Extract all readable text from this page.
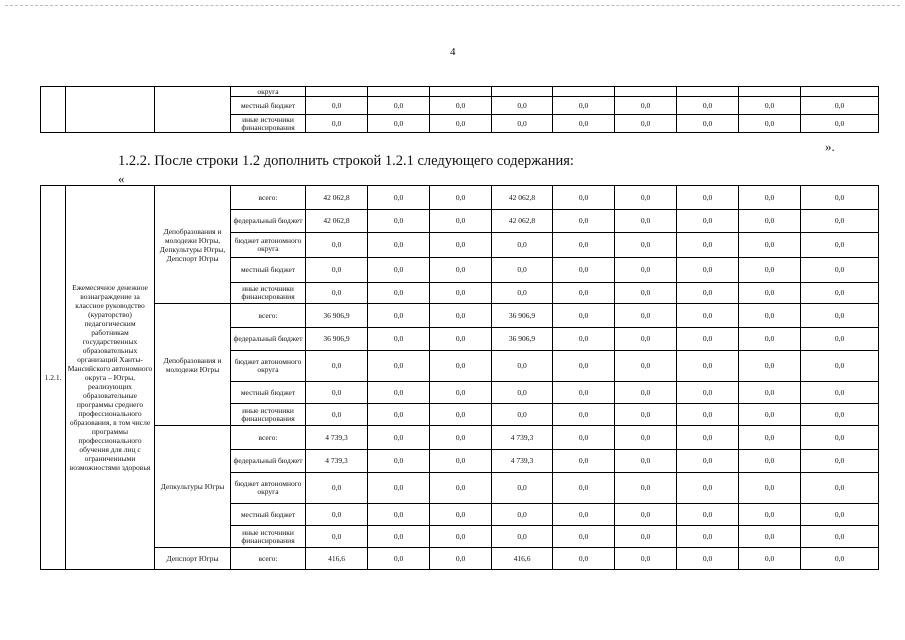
4
			округа									
			местный бюджет	0,0	0,0	0,0	0,0	0,0	0,0	0,0	0,0	0,0
			иные источники финансирования	0,0	0,0	0,0	0,0	0,0	0,0	0,0	0,0	0,0
».
1.2.2. После строки 1.2 дополнить строкой 1.2.1 следующего содержания:
«
1.2.1.	Ежемесячное денежное вознаграждение за классное руководство (кураторство) педагогическим работникам государственных образовательных организаций Ханты-Мансийского автономного округа – Югры, реализующих образовательные программы среднего профессионального образования, в том числе программы профессионального обучения для лиц с ограниченными возможностями здоровья	Депобразования и молодежи Югры, Депкультуры Югры, Депспорт Югры	всего:	42 062,8	0,0	0,0	42 062,8	0,0	0,0	0,0	0,0	0,0
			федеральный бюджет	42 062,8	0,0	0,0	42 062,8	0,0	0,0	0,0	0,0	0,0
			бюджет автономного округа	0,0	0,0	0,0	0,0	0,0	0,0	0,0	0,0	0,0
			местный бюджет	0,0	0,0	0,0	0,0	0,0	0,0	0,0	0,0	0,0
			иные источники финансирования	0,0	0,0	0,0	0,0	0,0	0,0	0,0	0,0	0,0
		Депобразования и молодежи Югры	всего:	36 906,9	0,0	0,0	36 906,9	0,0	0,0	0,0	0,0	0,0
			федеральный бюджет	36 906,9	0,0	0,0	36 906,9	0,0	0,0	0,0	0,0	0,0
			бюджет автономного округа	0,0	0,0	0,0	0,0	0,0	0,0	0,0	0,0	0,0
			местный бюджет	0,0	0,0	0,0	0,0	0,0	0,0	0,0	0,0	0,0
			иные источники финансирования	0,0	0,0	0,0	0,0	0,0	0,0	0,0	0,0	0,0
		Депкультуры Югры	всего:	4 739,3	0,0	0,0	4 739,3	0,0	0,0	0,0	0,0	0,0
			федеральный бюджет	4 739,3	0,0	0,0	4 739,3	0,0	0,0	0,0	0,0	0,0
			бюджет автономного округа	0,0	0,0	0,0	0,0	0,0	0,0	0,0	0,0	0,0
			местный бюджет	0,0	0,0	0,0	0,0	0,0	0,0	0,0	0,0	0,0
			иные источники финансирования	0,0	0,0	0,0	0,0	0,0	0,0	0,0	0,0	0,0
		Депспорт Югры	всего:	416,6	0,0	0,0	416,6	0,0	0,0	0,0	0,0	0,0
